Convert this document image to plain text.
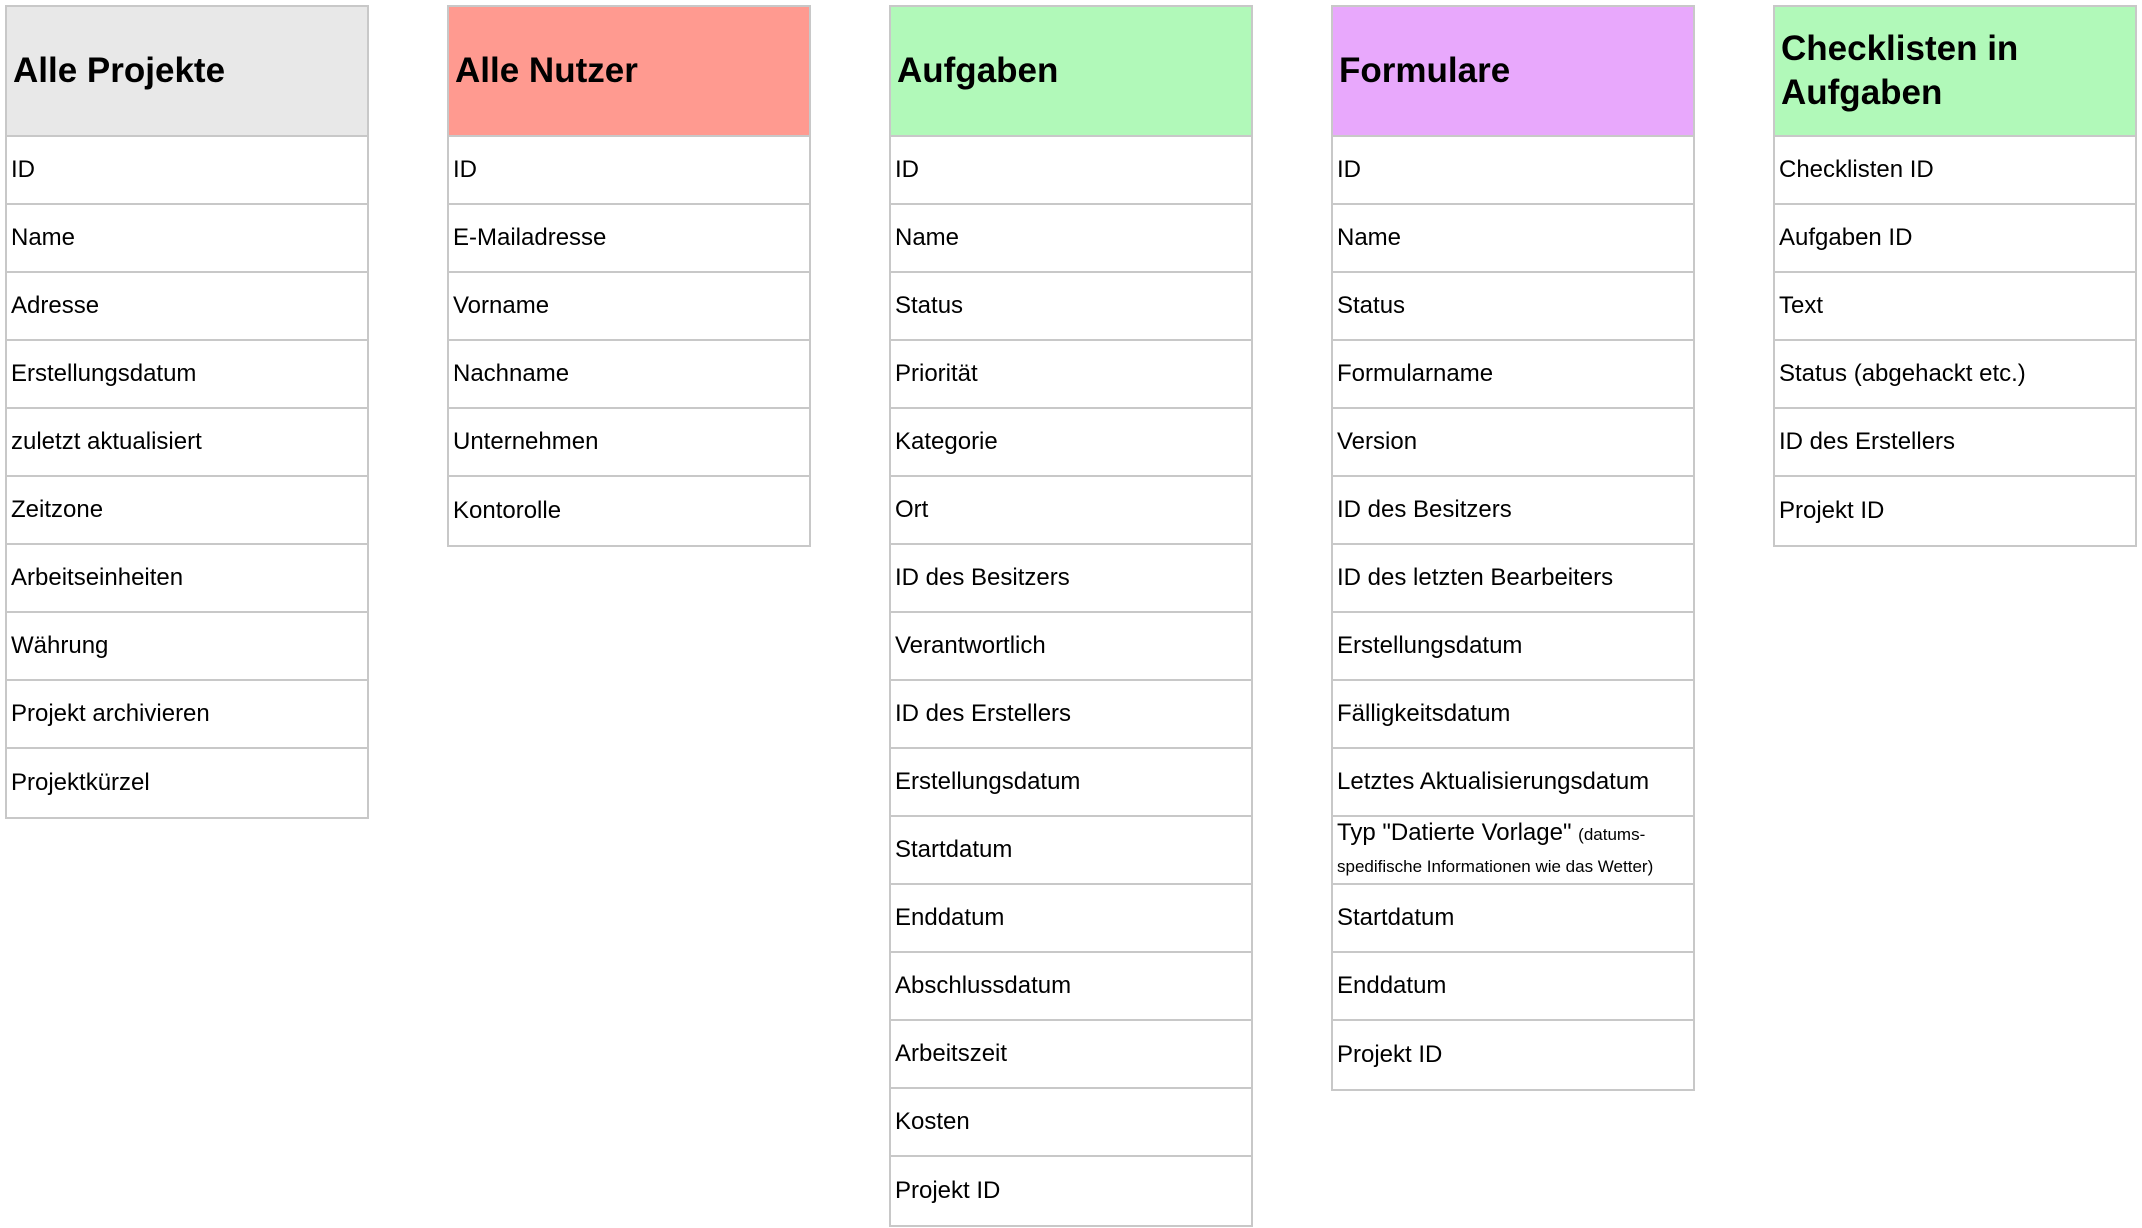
Alle Projekte
ID
Name
Adresse
Erstellungsdatum
zuletzt aktualisiert
Zeitzone
Arbeitseinheiten
Währung
Projekt archivieren
Projektkürzel
Alle Nutzer
ID
E-Mailadresse
Vorname
Nachname
Unternehmen
Kontorolle
Aufgaben
ID
Name
Status
Priorität
Kategorie
Ort
ID des Besitzers
Verantwortlich
ID des Erstellers
Erstellungsdatum
Startdatum
Enddatum
Abschlussdatum
Arbeitszeit
Kosten
Projekt ID
Formulare
ID
Name
Status
Formularname
Version
ID des Besitzers
ID des letzten Bearbeiters
Erstellungsdatum
Fälligkeitsdatum
Letztes Aktualisierungsdatum
Typ "Datierte Vorlage" (datums-
spedifische Informationen wie das Wetter)
Startdatum
Enddatum
Projekt ID
Checklisten in Aufgaben
Checklisten ID
Aufgaben ID
Text
Status (abgehackt etc.)
ID des Erstellers
Projekt ID
